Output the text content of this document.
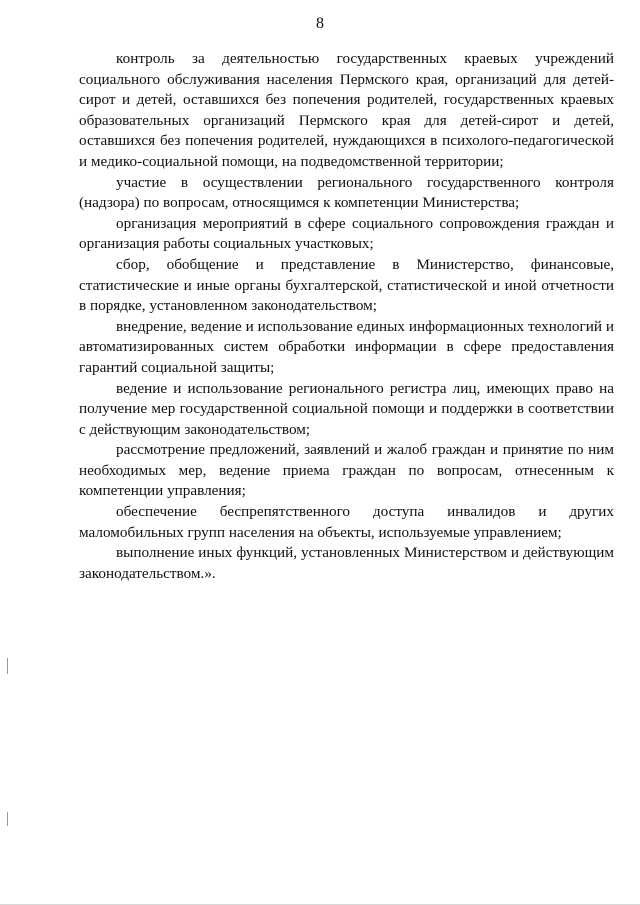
8

контроль за деятельностью государственных краевых учреждений социального обслуживания населения Пермского края, организаций для детей-сирот и детей, оставшихся без попечения родителей, государственных краевых образовательных организаций Пермского края для детей-сирот и детей, оставшихся без попечения родителей, нуждающихся в психолого-педагогической и медико-социальной помощи, на подведомственной территории;

участие в осуществлении регионального государственного контроля (надзора) по вопросам, относящимся к компетенции Министерства;

организация мероприятий в сфере социального сопровождения граждан и организация работы социальных участковых;

сбор, обобщение и представление в Министерство, финансовые, статистические и иные органы бухгалтерской, статистической и иной отчетности в порядке, установленном законодательством;

внедрение, ведение и использование единых информационных технологий и автоматизированных систем обработки информации в сфере предоставления гарантий социальной защиты;

ведение и использование регионального регистра лиц, имеющих право на получение мер государственной социальной помощи и поддержки в соответствии с действующим законодательством;

рассмотрение предложений, заявлений и жалоб граждан и принятие по ним необходимых мер, ведение приема граждан по вопросам, отнесенным к компетенции управления;

обеспечение беспрепятственного доступа инвалидов и других маломобильных групп населения на объекты, используемые управлением;

выполнение иных функций, установленных Министерством и действующим законодательством.».
